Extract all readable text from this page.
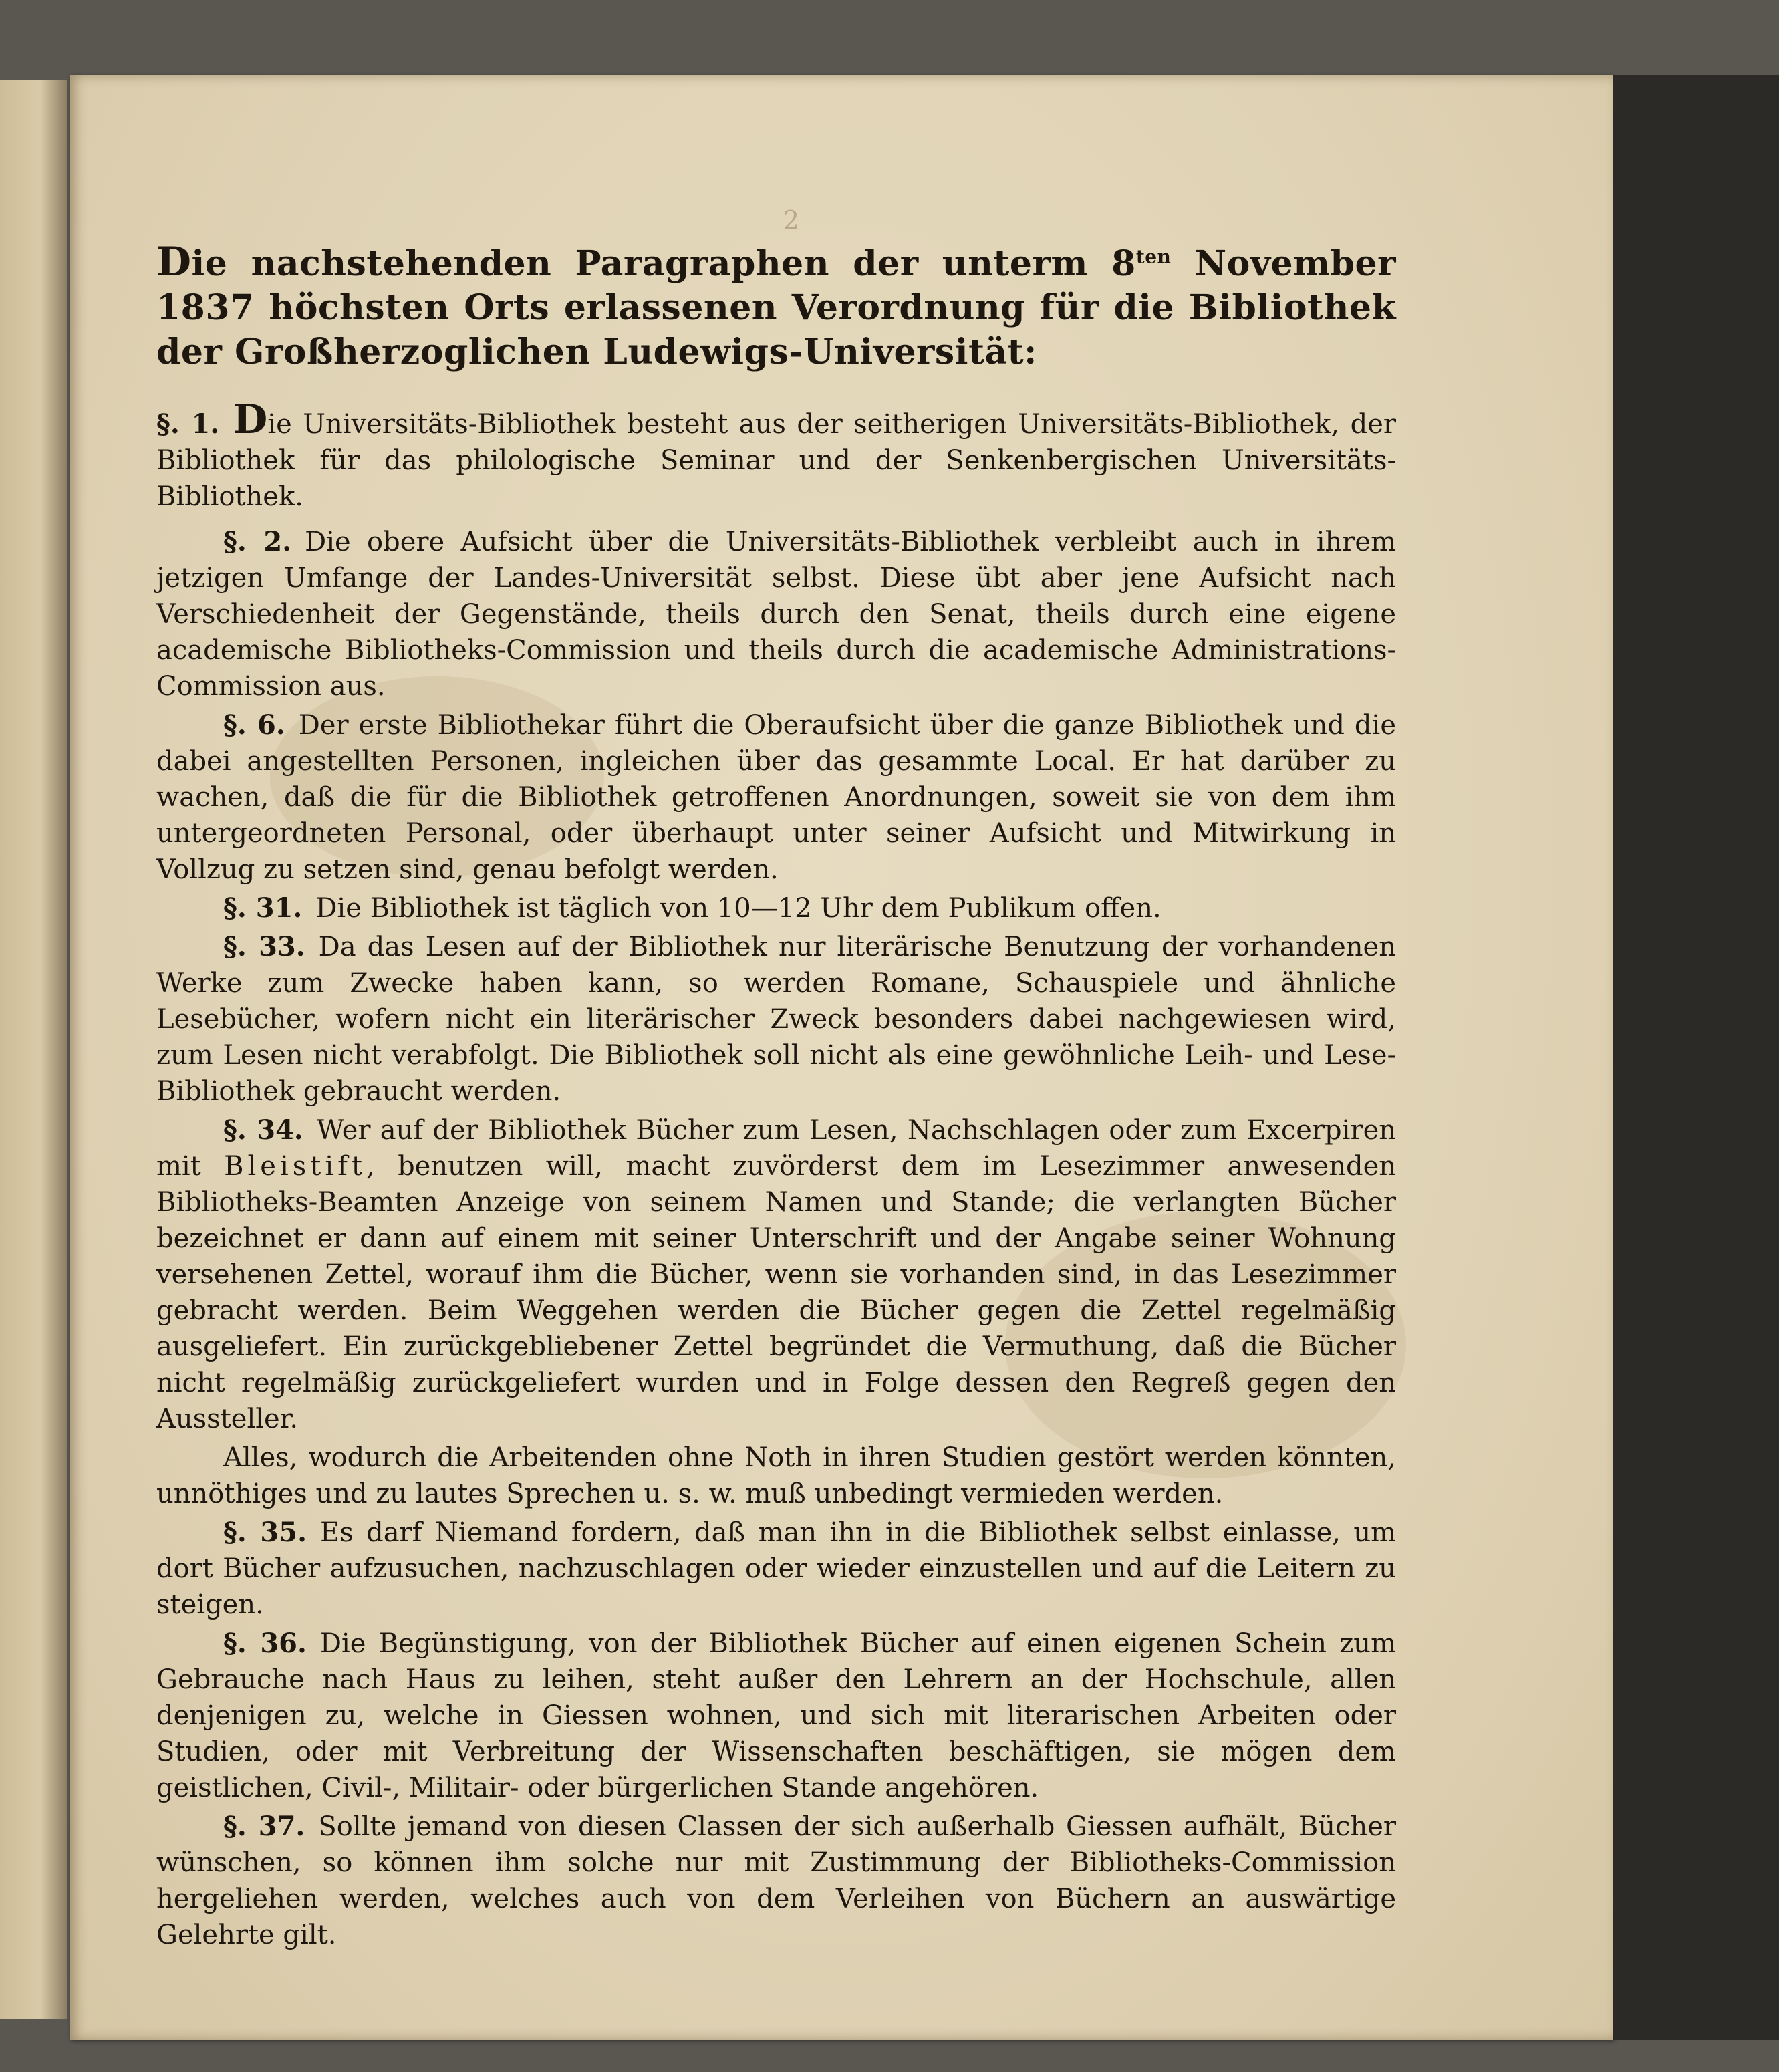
2

Die nachstehenden Paragraphen der unterm $8^{ten}$ November 1837 höchsten Orts erlassenen Verordnung für die Bibliothek der Großherzoglichen Ludewigs-Universität:

§. 1. Die Universitäts-Bibliothek besteht aus der seitherigen Universitäts-Bibliothek, der Bibliothek für das philologische Seminar und der Senkenbergischen Universitäts-Bibliothek.

§. 2. Die obere Aufsicht über die Universitäts-Bibliothek verbleibt auch in ihrem jetzigen Umfange der Landes-Universität selbst. Diese übt aber jene Aufsicht nach Verschiedenheit der Gegenstände, theils durch den Senat, theils durch eine eigene academische Bibliotheks-Commission und theils durch die academische Administrations-Commission aus.

§. 6. Der erste Bibliothekar führt die Oberaufsicht über die ganze Bibliothek und die dabei angestellten Personen, ingleichen über das gesammte Local. Er hat darüber zu wachen, daß die für die Bibliothek getroffenen Anordnungen, soweit sie von dem ihm untergeordneten Personal, oder überhaupt unter seiner Aufsicht und Mitwirkung in Vollzug zu setzen sind, genau befolgt werden.

§. 31. Die Bibliothek ist täglich von 10—12 Uhr dem Publikum offen.

§. 33. Da das Lesen auf der Bibliothek nur literärische Benutzung der vorhandenen Werke zum Zwecke haben kann, so werden Romane, Schauspiele und ähnliche Lesebücher, wofern nicht ein literärischer Zweck besonders dabei nachgewiesen wird, zum Lesen nicht verabfolgt. Die Bibliothek soll nicht als eine gewöhnliche Leih- und Lese-Bibliothek gebraucht werden.

§. 34. Wer auf der Bibliothek Bücher zum Lesen, Nachschlagen oder zum Excerpiren mit Bleistift, benutzen will, macht zuvörderst dem im Lesezimmer anwesenden Bibliotheks-Beamten Anzeige von seinem Namen und Stande; die verlangten Bücher bezeichnet er dann auf einem mit seiner Unterschrift und der Angabe seiner Wohnung versehenen Zettel, worauf ihm die Bücher, wenn sie vorhanden sind, in das Lesezimmer gebracht werden. Beim Weggehen werden die Bücher gegen die Zettel regelmäßig ausgeliefert. Ein zurückgebliebener Zettel begründet die Vermuthung, daß die Bücher nicht regelmäßig zurückgeliefert wurden und in Folge dessen den Regreß gegen den Aussteller.

Alles, wodurch die Arbeitenden ohne Noth in ihren Studien gestört werden könnten, unnöthiges und zu lautes Sprechen u. s. w. muß unbedingt vermieden werden.

§. 35. Es darf Niemand fordern, daß man ihn in die Bibliothek selbst einlasse, um dort Bücher aufzusuchen, nachzuschlagen oder wieder einzustellen und auf die Leitern zu steigen.

§. 36. Die Begünstigung, von der Bibliothek Bücher auf einen eigenen Schein zum Gebrauche nach Haus zu leihen, steht außer den Lehrern an der Hochschule, allen denjenigen zu, welche in Giessen wohnen, und sich mit literarischen Arbeiten oder Studien, oder mit Verbreitung der Wissenschaften beschäftigen, sie mögen dem geistlichen, Civil-, Militair- oder bürgerlichen Stande angehören.

§. 37. Sollte jemand von diesen Classen der sich außerhalb Giessen aufhält, Bücher wünschen, so können ihm solche nur mit Zustimmung der Bibliotheks-Commission hergeliehen werden, welches auch von dem Verleihen von Büchern an auswärtige Gelehrte gilt.
